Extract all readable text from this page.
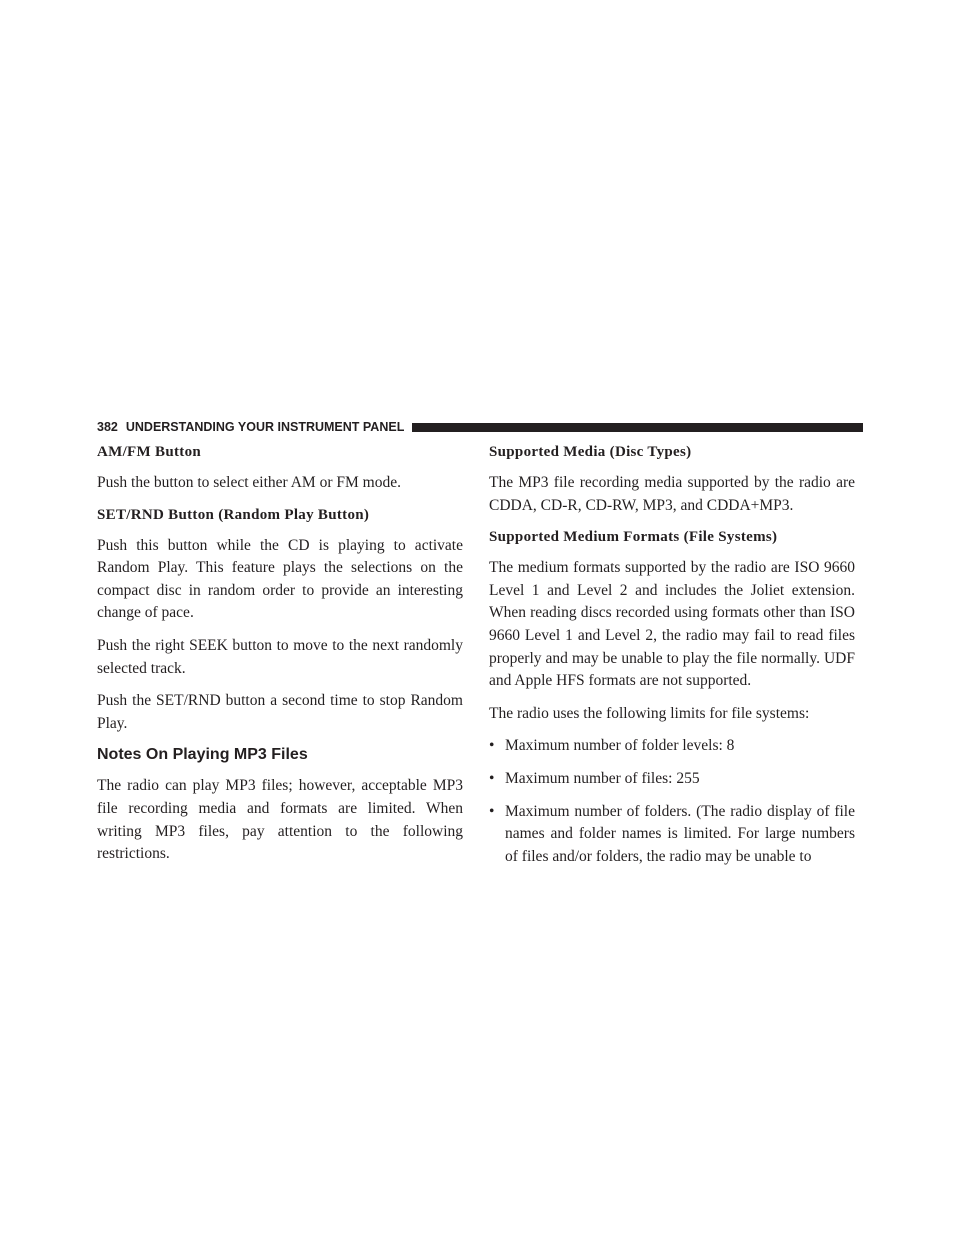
382 UNDERSTANDING YOUR INSTRUMENT PANEL
AM/FM Button

Push the button to select either AM or FM mode.

SET/RND Button (Random Play Button)

Push this button while the CD is playing to activate Random Play. This feature plays the selections on the compact disc in random order to provide an interesting change of pace.

Push the right SEEK button to move to the next randomly selected track.

Push the SET/RND button a second time to stop Random Play.

Notes On Playing MP3 Files

The radio can play MP3 files; however, acceptable MP3 file recording media and formats are limited. When writing MP3 files, pay attention to the following restrictions.

Supported Media (Disc Types)

The MP3 file recording media supported by the radio are CDDA, CD-R, CD-RW, MP3, and CDDA+MP3.

Supported Medium Formats (File Systems)

The medium formats supported by the radio are ISO 9660 Level 1 and Level 2 and includes the Joliet extension. When reading discs recorded using formats other than ISO 9660 Level 1 and Level 2, the radio may fail to read files properly and may be unable to play the file normally. UDF and Apple HFS formats are not supported.

The radio uses the following limits for file systems:

• Maximum number of folder levels: 8
• Maximum number of files: 255
• Maximum number of folders. (The radio display of file names and folder names is limited. For large numbers of files and/or folders, the radio may be unable to
